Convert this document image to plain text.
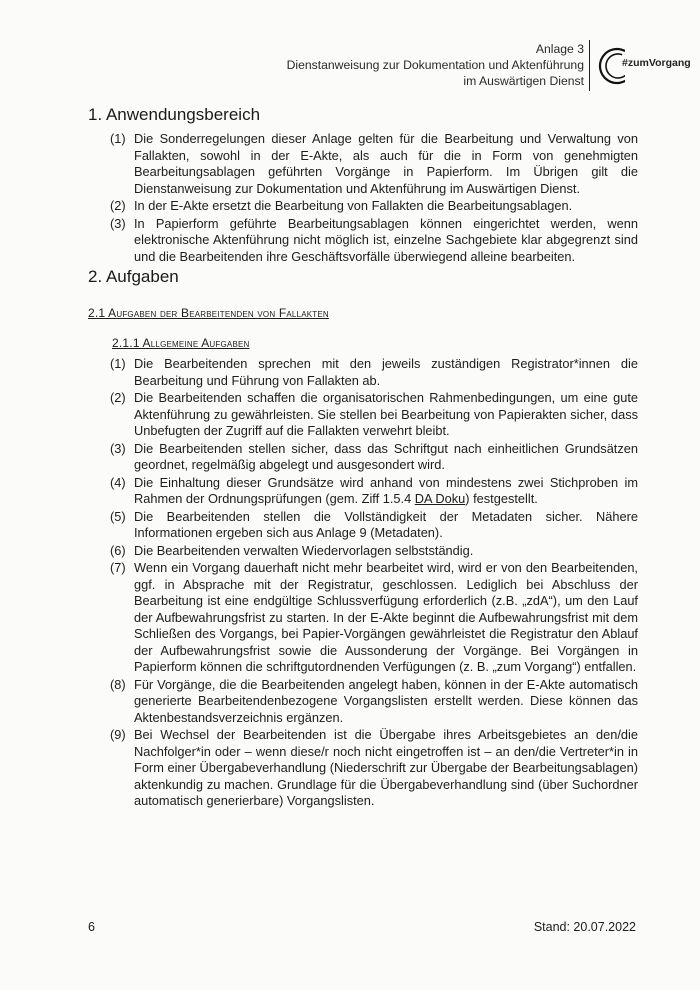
Anlage 3
Dienstanweisung zur Dokumentation und Aktenführung
im Auswärtigen Dienst
#zumVorgang
1. Anwendungsbereich
(1) Die Sonderregelungen dieser Anlage gelten für die Bearbeitung und Verwaltung von Fallakten, sowohl in der E-Akte, als auch für die in Form von genehmigten Bearbeitungsablagen geführten Vorgänge in Papierform. Im Übrigen gilt die Dienstanweisung zur Dokumentation und Aktenführung im Auswärtigen Dienst.
(2) In der E-Akte ersetzt die Bearbeitung von Fallakten die Bearbeitungsablagen.
(3) In Papierform geführte Bearbeitungsablagen können eingerichtet werden, wenn elektronische Aktenführung nicht möglich ist, einzelne Sachgebiete klar abgegrenzt sind und die Bearbeitenden ihre Geschäftsvorfälle überwiegend alleine bearbeiten.
2. Aufgaben
2.1 Aufgaben der Bearbeitenden von Fallakten
2.1.1 Allgemeine Aufgaben
(1) Die Bearbeitenden sprechen mit den jeweils zuständigen Registrator*innen die Bearbeitung und Führung von Fallakten ab.
(2) Die Bearbeitenden schaffen die organisatorischen Rahmenbedingungen, um eine gute Aktenführung zu gewährleisten. Sie stellen bei Bearbeitung von Papierakten sicher, dass Unbefugten der Zugriff auf die Fallakten verwehrt bleibt.
(3) Die Bearbeitenden stellen sicher, dass das Schriftgut nach einheitlichen Grundsätzen geordnet, regelmäßig abgelegt und ausgesondert wird.
(4) Die Einhaltung dieser Grundsätze wird anhand von mindestens zwei Stichproben im Rahmen der Ordnungsprüfungen (gem. Ziff 1.5.4 DA Doku) festgestellt.
(5) Die Bearbeitenden stellen die Vollständigkeit der Metadaten sicher. Nähere Informationen ergeben sich aus Anlage 9 (Metadaten).
(6) Die Bearbeitenden verwalten Wiedervorlagen selbstständig.
(7) Wenn ein Vorgang dauerhaft nicht mehr bearbeitet wird, wird er von den Bearbeitenden, ggf. in Absprache mit der Registratur, geschlossen. Lediglich bei Abschluss der Bearbeitung ist eine endgültige Schlussverfügung erforderlich (z.B. „zdA“), um den Lauf der Aufbewahrungsfrist zu starten. In der E-Akte beginnt die Aufbewahrungsfrist mit dem Schließen des Vorgangs, bei Papier-Vorgängen gewährleistet die Registratur den Ablauf der Aufbewahrungsfrist sowie die Aussonderung der Vorgänge. Bei Vorgängen in Papierform können die schriftgutordnenden Verfügungen (z. B. „zum Vorgang“) entfallen.
(8) Für Vorgänge, die die Bearbeitenden angelegt haben, können in der E-Akte automatisch generierte Bearbeitendenbezogene Vorgangslisten erstellt werden. Diese können das Aktenbestandsverzeichnis ergänzen.
(9) Bei Wechsel der Bearbeitenden ist die Übergabe ihres Arbeitsgebietes an den/die Nachfolger*in oder – wenn diese/r noch nicht eingetroffen ist – an den/die Vertreter*in in Form einer Übergabeverhandlung (Niederschrift zur Übergabe der Bearbeitungsablagen) aktenkundig zu machen. Grundlage für die Übergabeverhandlung sind (über Suchordner automatisch generierbare) Vorgangslisten.
6	Stand: 20.07.2022
